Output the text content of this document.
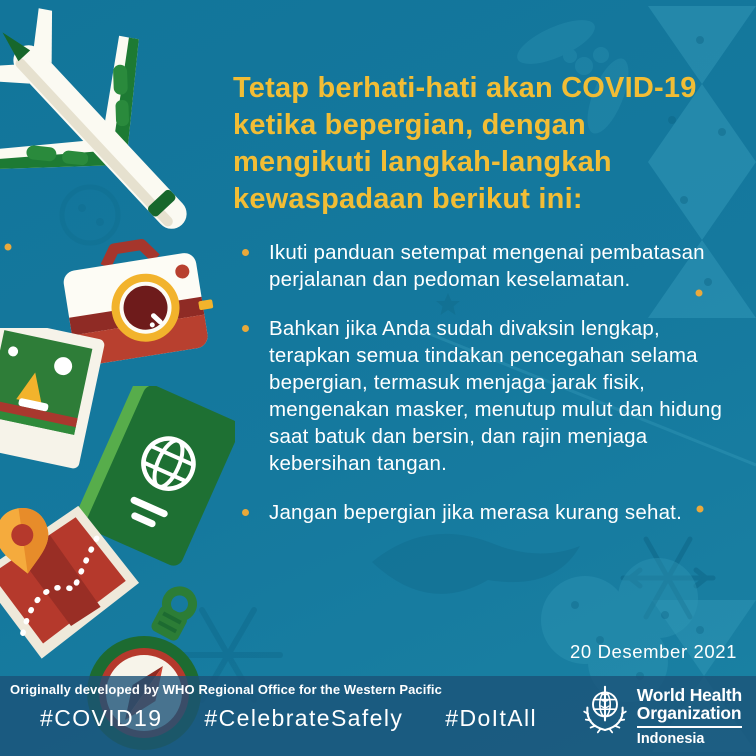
Tetap berhati-hati akan COVID-19
ketika bepergian, dengan
mengikuti langkah-langkah
kewaspadaan berikut ini:
Ikuti panduan setempat mengenai pembatasan perjalanan dan pedoman keselamatan.
Bahkan jika Anda sudah divaksin lengkap, terapkan semua tindakan pencegahan selama bepergian, termasuk menjaga jarak fisik, mengenakan masker, menutup mulut dan hidung saat batuk dan bersin, dan rajin menjaga kebersihan tangan.
Jangan bepergian jika merasa kurang sehat.
20 Desember 2021
Originally developed by WHO Regional Office for the Western Pacific
#COVID19 #CelebrateSafely #DoItAll
World Health
Organization
Indonesia
